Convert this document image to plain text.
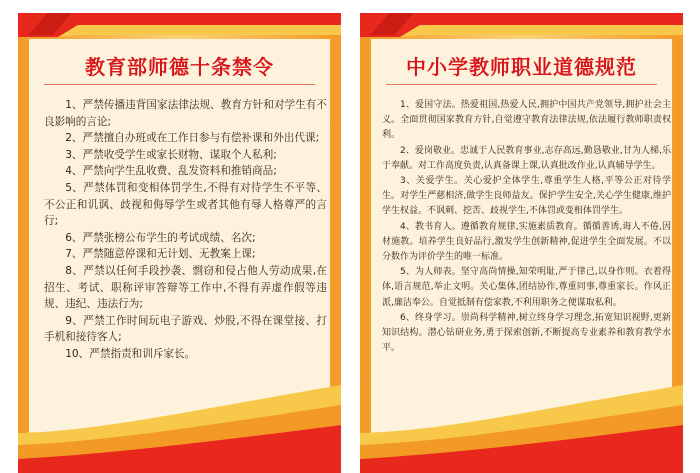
教育部师德十条禁令

1、严禁传播违背国家法律法规、教育方针和对学生有不良影响的言论;

2、严禁擅自办班或在工作日参与有偿补课和外出代课;

3、严禁收受学生或家长财物、谋取个人私利;

4、严禁向学生乱收费、乱发资料和推销商品;

5、严禁体罚和变相体罚学生,不得有对待学生不平等、不公正和讥讽、歧视和侮辱学生或者其他有辱人格尊严的言行;

6、严禁张榜公布学生的考试成绩、名次;

7、严禁随意停课和无计划、无教案上课;

8、严禁以任何手段抄袭、剽窃和侵占他人劳动成果,在招生、考试、职称评审答辩等工作中,不得有弄虚作假等违规、违纪、违法行为;

9、严禁工作时间玩电子游戏、炒股,不得在课堂接、打手机和接待客人;

10、严禁指责和训斥家长。

中小学教师职业道德规范

1、爱国守法。热爱祖国,热爱人民,拥护中国共产党领导,拥护社会主义。全面贯彻国家教育方针,自觉遵守教育法律法规,依法履行教师职责权利。

2、爱岗敬业。忠诚于人民教育事业,志存高远,勤恳敬业,甘为人梯,乐于奉献。对工作高度负责,认真备课上课,认真批改作业,认真辅导学生。

3、关爱学生。关心爱护全体学生,尊重学生人格,平等公正对待学生。对学生严慈相济,做学生良师益友。保护学生安全,关心学生健康,维护学生权益。不讽刺、挖苦、歧视学生,不体罚或变相体罚学生。

4、教书育人。遵循教育规律,实施素质教育。循循善诱,诲人不倦,因材施教。培养学生良好品行,激发学生创新精神,促进学生全面发展。不以分数作为评价学生的唯一标准。

5、为人师表。坚守高尚情操,知荣明耻,严于律己,以身作则。衣着得体,语言规范,举止文明。关心集体,团结协作,尊重同事,尊重家长。作风正派,廉洁奉公。自觉抵制有偿家教,不利用职务之便谋取私利。

6、终身学习。崇尚科学精神,树立终身学习理念,拓宽知识视野,更新知识结构。潜心钻研业务,勇于探索创新,不断提高专业素养和教育教学水平。
